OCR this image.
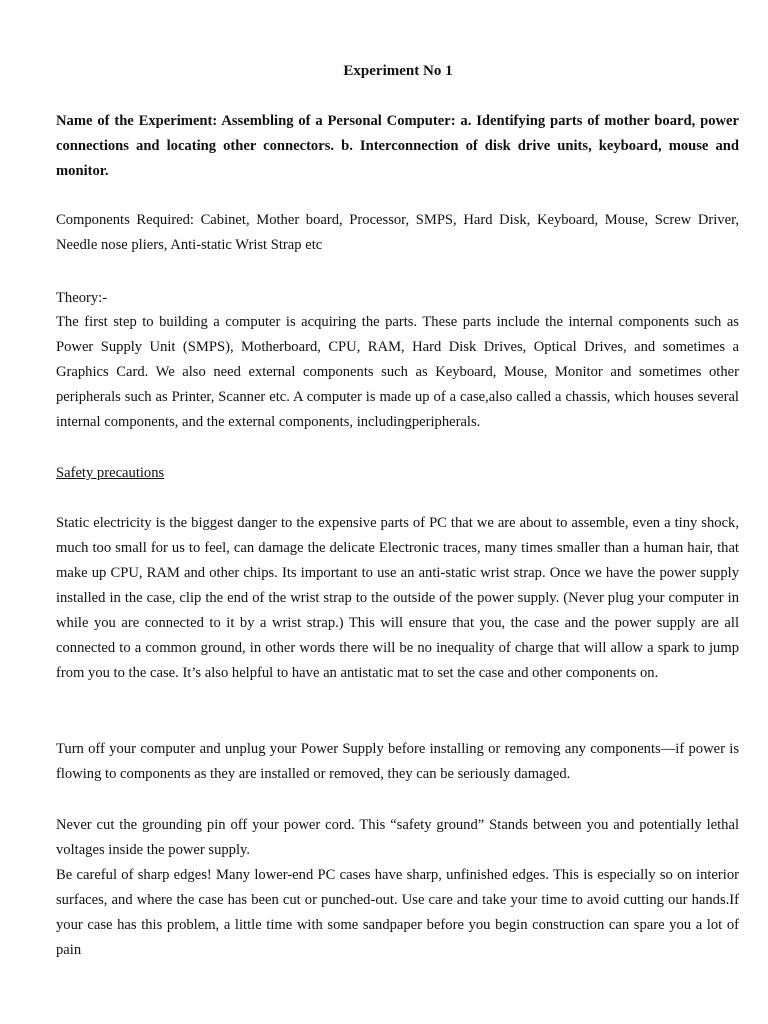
Experiment No 1
Name of the Experiment: Assembling of a Personal Computer: a. Identifying parts of mother board, power connections and locating other connectors. b. Interconnection of disk drive units, keyboard, mouse and monitor.
Components Required: Cabinet, Mother board, Processor, SMPS, Hard Disk, Keyboard, Mouse, Screw Driver, Needle nose pliers, Anti-static Wrist Strap etc
Theory:-
The first step to building a computer is acquiring the parts. These parts include the internal components such as Power Supply Unit (SMPS), Motherboard, CPU, RAM, Hard Disk Drives, Optical Drives, and sometimes a Graphics Card. We also need external components such as Keyboard, Mouse, Monitor and sometimes other peripherals such as Printer, Scanner etc. A computer is made up of a case,also called a chassis, which houses several internal components, and the external components, includingperipherals.
Safety precautions
Static electricity is the biggest danger to the expensive parts of PC that we are about to assemble, even a tiny shock, much too small for us to feel, can damage the delicate Electronic traces, many times smaller than a human hair, that make up CPU, RAM and other chips. Its important to use an anti-static wrist strap. Once we have the power supply installed in the case, clip the end of the wrist strap to the outside of the power supply. (Never plug your computer in while you are connected to it by a wrist strap.) This will ensure that you, the case and the power supply are all connected to a common ground, in other words there will be no inequality of charge that will allow a spark to jump from you to the case. It’s also helpful to have an antistatic mat to set the case and other components on.
Turn off your computer and unplug your Power Supply before installing or removing any components—if power is flowing to components as they are installed or removed, they can be seriously damaged.
Never cut the grounding pin off your power cord. This “safety ground” Stands between you and potentially lethal voltages inside the power supply.
Be careful of sharp edges! Many lower-end PC cases have sharp, unfinished edges. This is especially so on interior surfaces, and where the case has been cut or punched-out. Use care and take your time to avoid cutting our hands.If your case has this problem, a little time with some sandpaper before you begin construction can spare you a lot of pain
